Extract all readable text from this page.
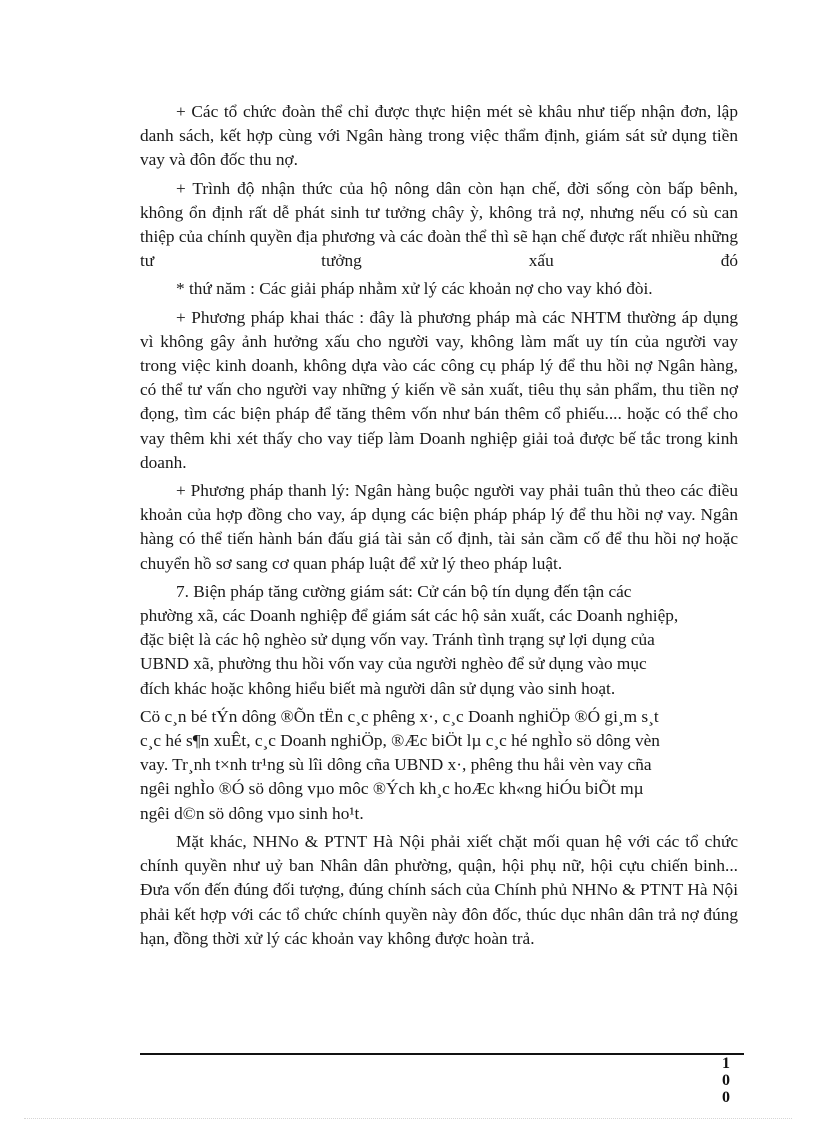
+ Các tổ chức đoàn thể chỉ được thực hiện mét sè khâu như tiếp nhận đơn, lập danh sách, kết hợp cùng với Ngân hàng trong việc thẩm định, giám sát sử dụng tiền vay và đôn đốc thu nợ.

+ Trình độ nhận thức của hộ nông dân còn hạn chế, đời sống còn bấp bênh, không ổn định rất dễ phát sinh tư tưởng chây ỳ, không trả nợ, nhưng nếu có sù can thiệp của chính quyền địa phương và các đoàn thể thì sẽ hạn chế được rất nhiều những tư tưởng xấu đó

* thứ năm : Các giải pháp nhằm xử lý các khoản nợ cho vay khó đòi.

+ Phương pháp khai thác : đây là phương pháp mà các NHTM thường áp dụng vì không gây ảnh hưởng xấu cho người vay, không làm mất uy tín của người vay trong việc kinh doanh, không dựa vào các công cụ pháp lý để thu hồi nợ Ngân hàng, có thể tư vấn cho người vay những ý kiến về sản xuất, tiêu thụ sản phẩm, thu tiền nợ đọng, tìm các biện pháp để tăng thêm vốn như bán thêm cổ phiếu.... hoặc có thể cho vay thêm khi xét thấy cho vay tiếp làm Doanh nghiệp giải toả được bế tắc trong kinh doanh.

+ Phương pháp thanh lý: Ngân hàng buộc người vay phải tuân thủ theo các điều khoản của hợp đồng cho vay, áp dụng các biện pháp pháp lý để thu hồi nợ vay. Ngân hàng có thể tiến hành bán đấu giá tài sản cố định, tài sản cầm cố để thu hồi nợ hoặc chuyển hồ sơ sang cơ quan pháp luật để xử lý theo pháp luật.

7. Biện pháp tăng cường giám sát: Cử cán bộ tín dụng đến tận các
phường xã, các Doanh nghiệp để giám sát các hộ sản xuất, các Doanh nghiệp,
đặc biệt là các hộ nghèo sử dụng vốn vay. Tránh tình trạng sự lợi dụng của
UBND xã, phường thu hồi vốn vay của người nghèo để sử dụng vào mục
đích khác hoặc không hiểu biết mà người dân sử dụng vào sinh hoạt.
Cö c¸n bé tÝn dông ®Õn tËn c¸c phêng x·, c¸c Doanh nghiÖp ®Ó gi¸m s¸t
c¸c hé s¶n xuÊt, c¸c Doanh nghiÖp, ®Æc biÖt lµ c¸c hé nghÌo sö dông vèn
vay. Tr¸nh t×nh tr¹ng sù lîi dông cña UBND x·, phêng thu håi vèn vay cña
ngêi nghÌo ®Ó sö dông vµo môc ®Ých kh¸c hoÆc kh«ng hiÓu biÕt mµ
ngêi d©n sö dông vµo sinh ho¹t.

Mặt khác, NHNo & PTNT Hà Nội phải xiết chặt mối quan hệ với các tổ chức chính quyền như uỷ ban Nhân dân phường, quận, hội phụ nữ, hội cựu chiến binh... Đưa vốn đến đúng đối tượng, đúng chính sách của Chính phủ NHNo & PTNT Hà Nội phải kết hợp với các tổ chức chính quyền này đôn đốc, thúc dục nhân dân trả nợ đúng hạn, đồng thời xử lý các khoản vay không được hoàn trả.

1
0
0
